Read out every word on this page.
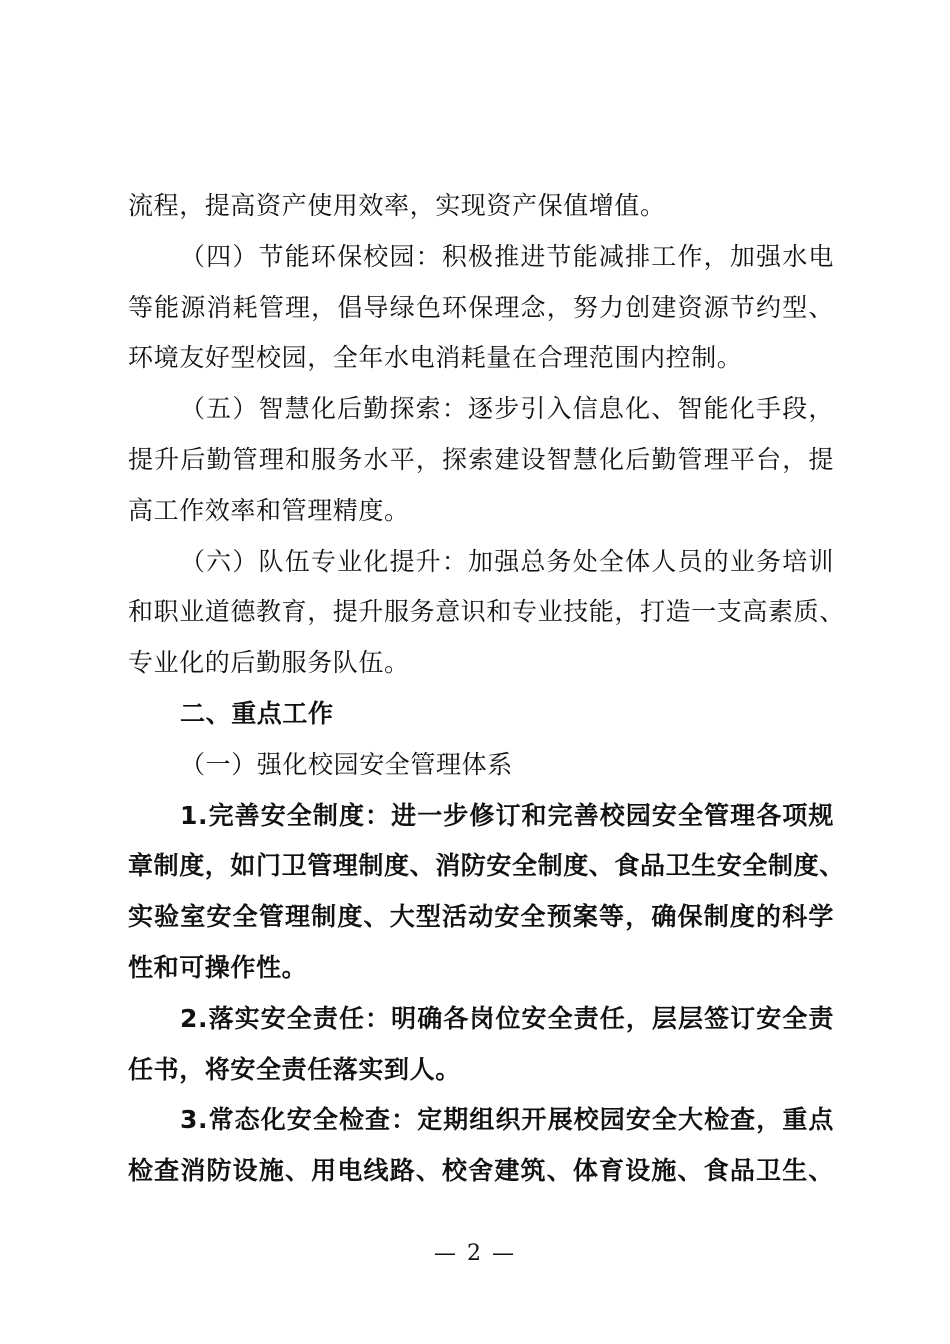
流程，提高资产使用效率，实现资产保值增值。
（四）节能环保校园：积极推进节能减排工作，加强水电
等能源消耗管理，倡导绿色环保理念，努力创建资源节约型、
环境友好型校园，全年水电消耗量在合理范围内控制。
（五）智慧化后勤探索：逐步引入信息化、智能化手段，
提升后勤管理和服务水平，探索建设智慧化后勤管理平台，提
高工作效率和管理精度。
（六）队伍专业化提升：加强总务处全体人员的业务培训
和职业道德教育，提升服务意识和专业技能，打造一支高素质、
专业化的后勤服务队伍。
二、重点工作
（一）强化校园安全管理体系
1.完善安全制度：进一步修订和完善校园安全管理各项规
章制度，如门卫管理制度、消防安全制度、食品卫生安全制度、
实验室安全管理制度、大型活动安全预案等，确保制度的科学
性和可操作性。
2.落实安全责任：明确各岗位安全责任，层层签订安全责
任书，将安全责任落实到人。
3.常态化安全检查：定期组织开展校园安全大检查，重点
检查消防设施、用电线路、校舍建筑、体育设施、食品卫生、
— 2 —
